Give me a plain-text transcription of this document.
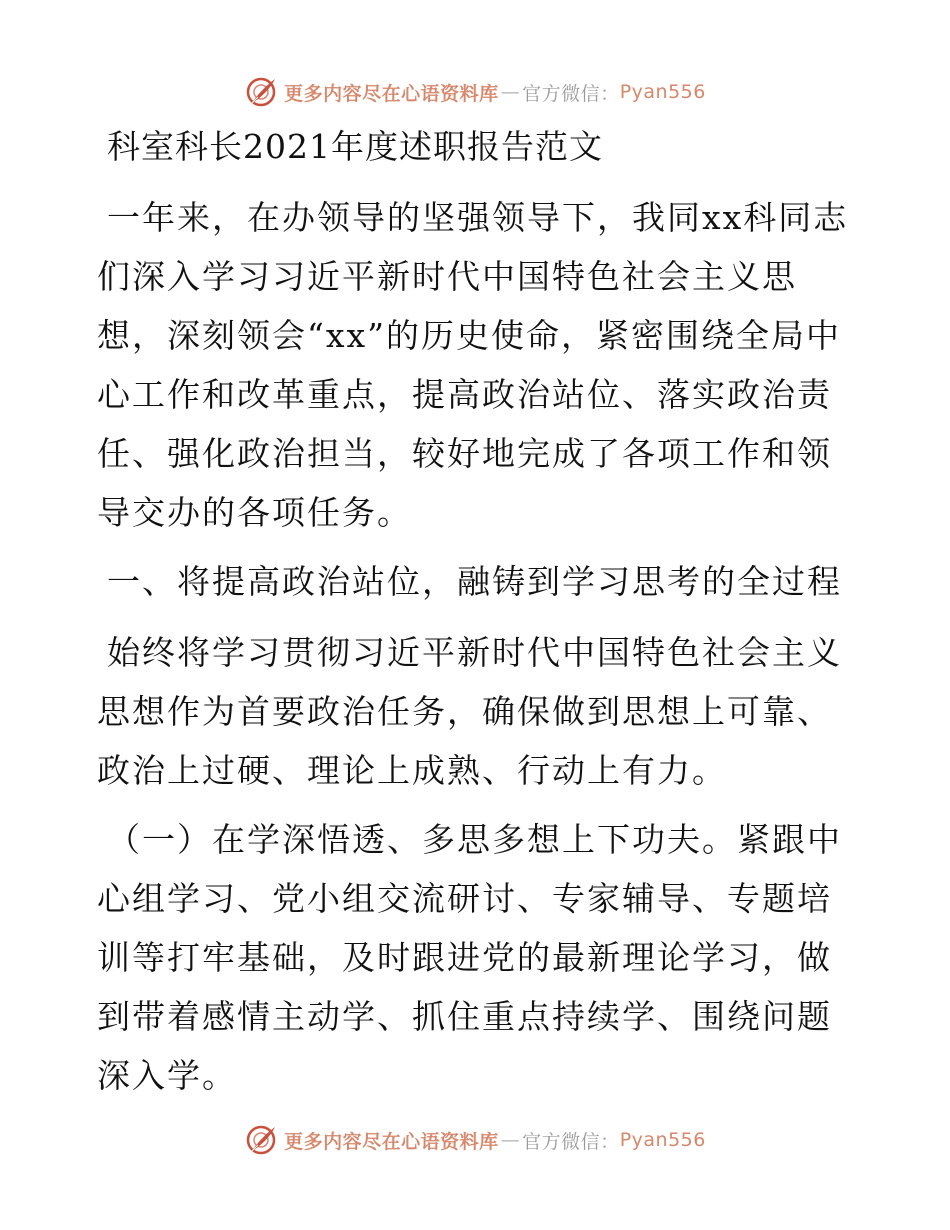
更多内容尽在心语资料库 — 官方微信： Pyan556
科室科长2021年度述职报告范文

一年来，在办领导的坚强领导下，我同xx科同志们深入学习习近平新时代中国特色社会主义思想，深刻领会“xx”的历史使命，紧密围绕全局中心工作和改革重点，提高政治站位、落实政治责任、强化政治担当，较好地完成了各项工作和领导交办的各项任务。

一、将提高政治站位，融铸到学习思考的全过程

始终将学习贯彻习近平新时代中国特色社会主义思想作为首要政治任务，确保做到思想上可靠、政治上过硬、理论上成熟、行动上有力。

（一）在学深悟透、多思多想上下功夫。紧跟中心组学习、党小组交流研讨、专家辅导、专题培训等打牢基础，及时跟进党的最新理论学习，做到带着感情主动学、抓住重点持续学、围绕问题深入学。

更多内容尽在心语资料库 — 官方微信： Pyan556
